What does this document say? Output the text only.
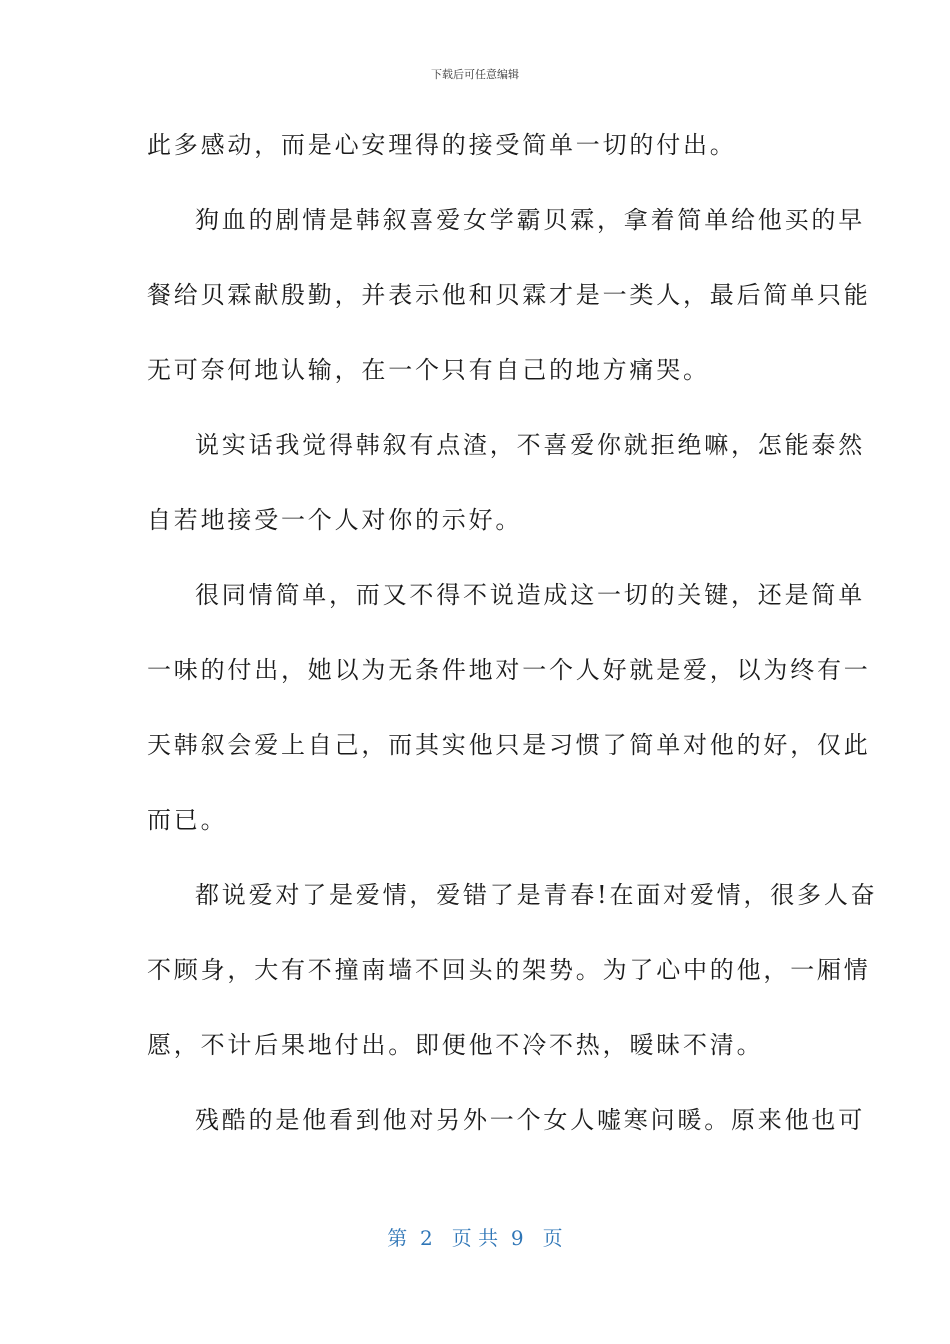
下载后可任意编辑
此多感动，而是心安理得的接受简单一切的付出。
狗血的剧情是韩叙喜爱女学霸贝霖，拿着简单给他买的早
餐给贝霖献殷勤，并表示他和贝霖才是一类人，最后简单只能
无可奈何地认输，在一个只有自己的地方痛哭。
说实话我觉得韩叙有点渣，不喜爱你就拒绝嘛，怎能泰然
自若地接受一个人对你的示好。
很同情简单，而又不得不说造成这一切的关键，还是简单
一味的付出，她以为无条件地对一个人好就是爱，以为终有一
天韩叙会爱上自己，而其实他只是习惯了简单对他的好，仅此
而已。
都说爱对了是爱情，爱错了是青春!在面对爱情，很多人奋
不顾身，大有不撞南墙不回头的架势。为了心中的他，一厢情
愿，不计后果地付出。即便他不冷不热，暧昧不清。
残酷的是他看到他对另外一个女人嘘寒问暖。原来他也可
第  2   页 共  9   页
